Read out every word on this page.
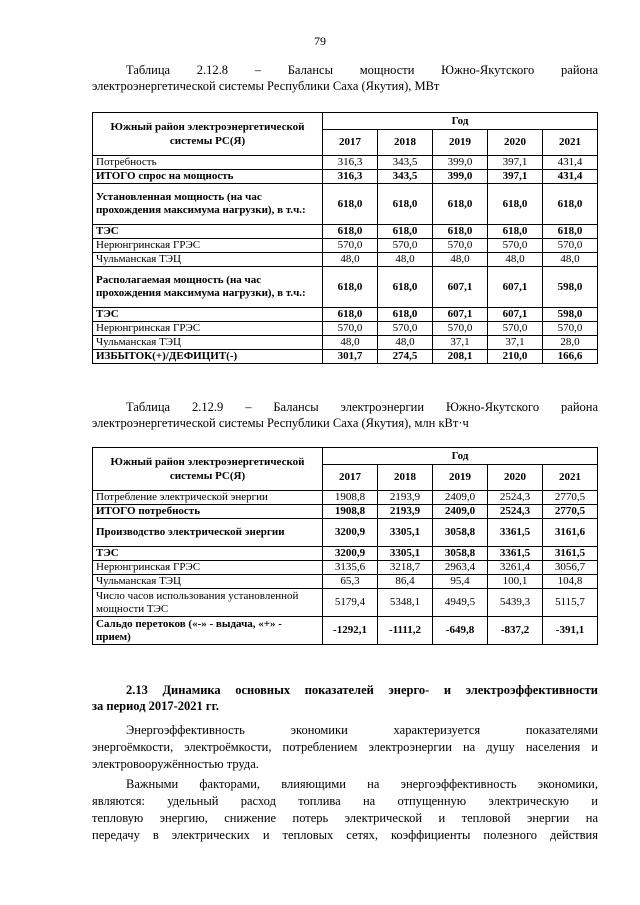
79
Таблица 2.12.8 – Балансы мощности Южно-Якутского района
электроэнергетической системы Республики Саха (Якутия), МВт
Южный район электроэнергетической системы РС(Я)	Год				
	2017	2018	2019	2020	2021
Потребность	316,3	343,5	399,0	397,1	431,4
ИТОГО спрос на мощность	316,3	343,5	399,0	397,1	431,4
Установленная мощность (на час прохождения максимума нагрузки), в т.ч.:	618,0	618,0	618,0	618,0	618,0
ТЭС	618,0	618,0	618,0	618,0	618,0
Нерюнгринская ГРЭС	570,0	570,0	570,0	570,0	570,0
Чульманская ТЭЦ	48,0	48,0	48,0	48,0	48,0
Располагаемая мощность (на час прохождения максимума нагрузки), в т.ч.:	618,0	618,0	607,1	607,1	598,0
ТЭС	618,0	618,0	607,1	607,1	598,0
Нерюнгринская ГРЭС	570,0	570,0	570,0	570,0	570,0
Чульманская ТЭЦ	48,0	48,0	37,1	37,1	28,0
ИЗБЫТОК(+)/ДЕФИЦИТ(-)	301,7	274,5	208,1	210,0	166,6
Таблица 2.12.9 – Балансы электроэнергии Южно-Якутского района
электроэнергетической системы Республики Саха (Якутия), млн кВт·ч
Южный район электроэнергетической системы РС(Я)	Год				
	2017	2018	2019	2020	2021
Потребление электрической энергии	1908,8	2193,9	2409,0	2524,3	2770,5
ИТОГО потребность	1908,8	2193,9	2409,0	2524,3	2770,5
Производство электрической энергии	3200,9	3305,1	3058,8	3361,5	3161,6
ТЭС	3200,9	3305,1	3058,8	3361,5	3161,5
Нерюнгринская ГРЭС	3135,6	3218,7	2963,4	3261,4	3056,7
Чульманская ТЭЦ	65,3	86,4	95,4	100,1	104,8
Число часов использования установленной мощности ТЭС	5179,4	5348,1	4949,5	5439,3	5115,7
Сальдо перетоков («-» - выдача, «+» - прием)	-1292,1	-1111,2	-649,8	-837,2	-391,1
2.13 Динамика основных показателей энерго- и электроэффективности
за период 2017-2021 гг.
Энергоэффективность экономики характеризуется показателями
энергоёмкости, электроёмкости, потреблением электроэнергии на душу населения и
электровооружённостью труда.
Важными факторами, влияющими на энергоэффективность экономики,
являются: удельный расход топлива на отпущенную электрическую и
тепловую энергию, снижение потерь электрической и тепловой энергии на
передачу в электрических и тепловых сетях, коэффициенты полезного действия
